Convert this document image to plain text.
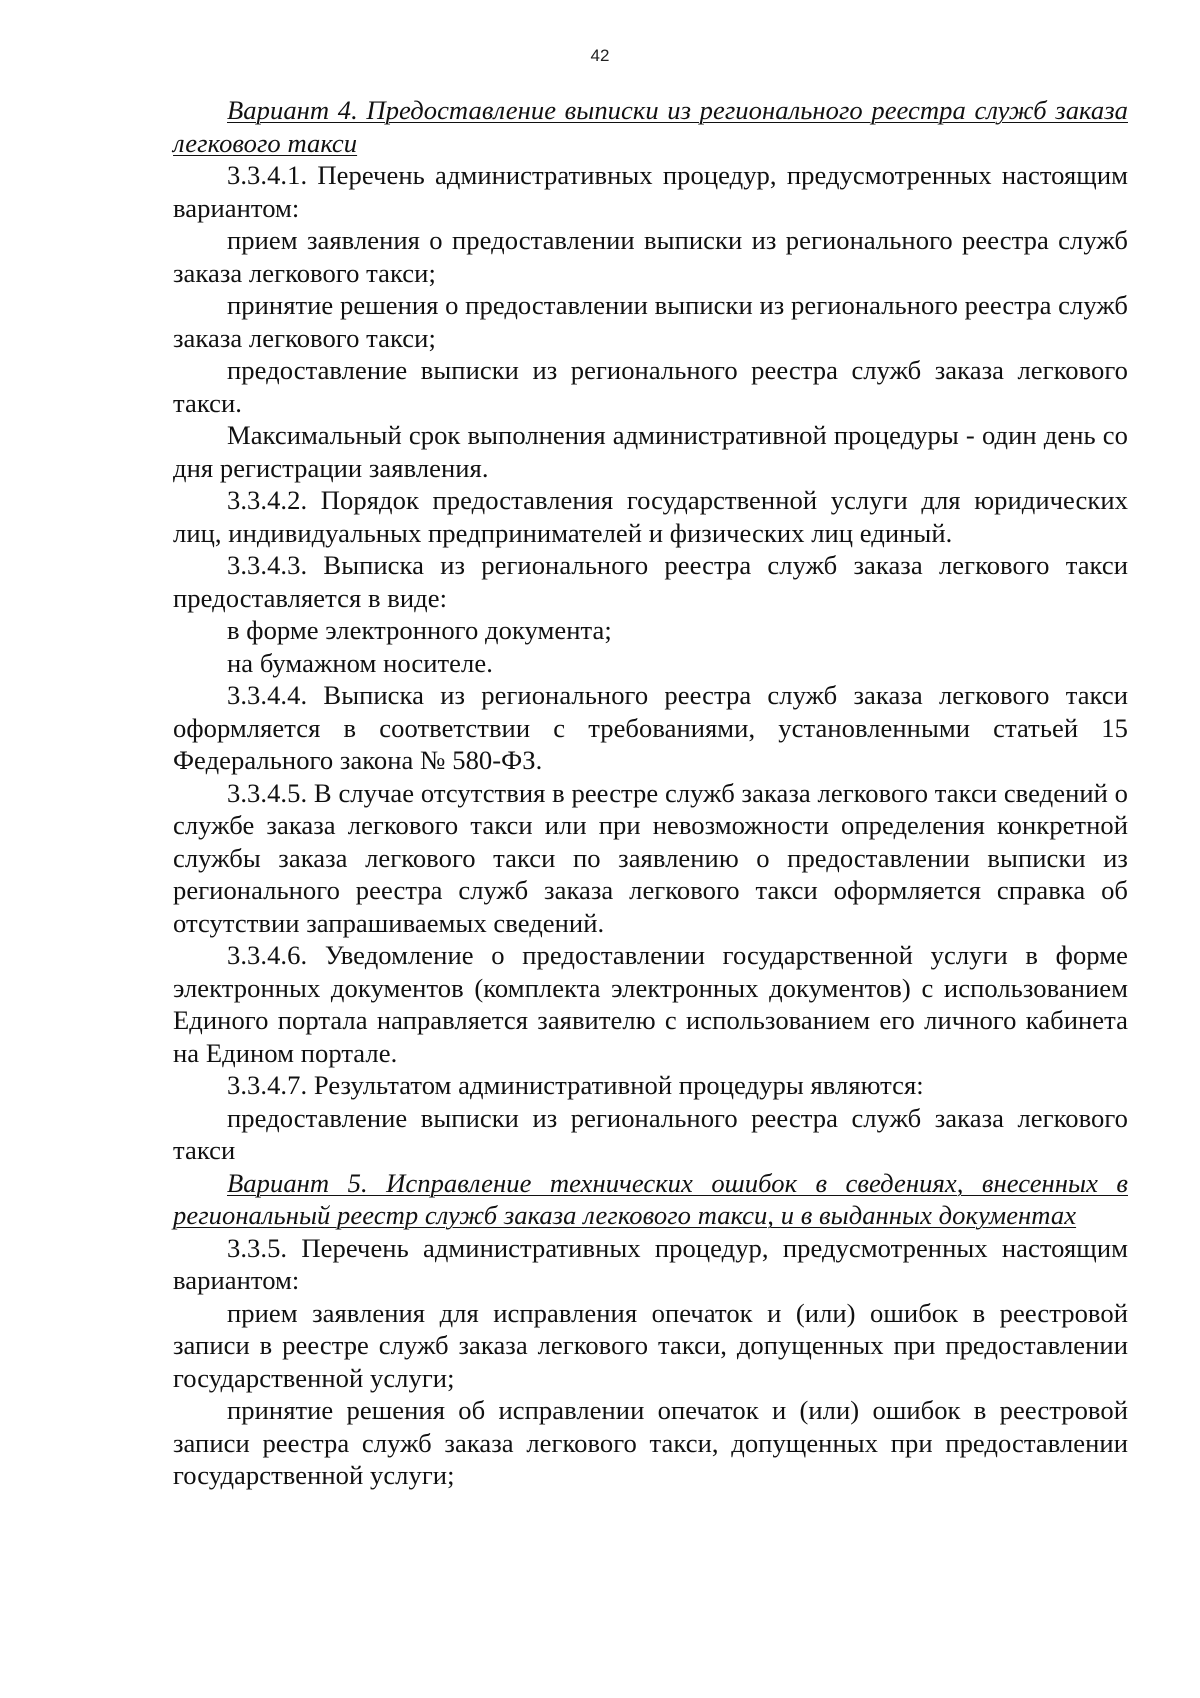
42

Вариант 4. Предоставление выписки из регионального реестра служб заказа легкового такси

3.3.4.1. Перечень административных процедур, предусмотренных настоящим вариантом:

прием заявления о предоставлении выписки из регионального реестра служб заказа легкового такси;

принятие решения о предоставлении выписки из регионального реестра служб заказа легкового такси;

предоставление выписки из регионального реестра служб заказа легкового такси.

Максимальный срок выполнения административной процедуры - один день со дня регистрации заявления.

3.3.4.2. Порядок предоставления государственной услуги для юридических лиц, индивидуальных предпринимателей и физических лиц единый.

3.3.4.3. Выписка из регионального реестра служб заказа легкового такси предоставляется в виде:

в форме электронного документа;

на бумажном носителе.

3.3.4.4. Выписка из регионального реестра служб заказа легкового такси оформляется в соответствии с требованиями, установленными статьей 15 Федерального закона № 580-ФЗ.

3.3.4.5. В случае отсутствия в реестре служб заказа легкового такси сведений о службе заказа легкового такси или при невозможности определения конкретной службы заказа легкового такси по заявлению о предоставлении выписки из регионального реестра служб заказа легкового такси оформляется справка об отсутствии запрашиваемых сведений.

3.3.4.6. Уведомление о предоставлении государственной услуги в форме электронных документов (комплекта электронных документов) с использованием Единого портала направляется заявителю с использованием его личного кабинета на Едином портале.

3.3.4.7. Результатом административной процедуры являются:

предоставление выписки из регионального реестра служб заказа легкового такси

Вариант 5. Исправление технических ошибок в сведениях, внесенных в региональный реестр служб заказа легкового такси, и в выданных документах

3.3.5. Перечень административных процедур, предусмотренных настоящим вариантом:

прием заявления для исправления опечаток и (или) ошибок в реестровой записи в реестре служб заказа легкового такси, допущенных при предоставлении государственной услуги;

принятие решения об исправлении опечаток и (или) ошибок в реестровой записи реестра служб заказа легкового такси, допущенных при предоставлении государственной услуги;
